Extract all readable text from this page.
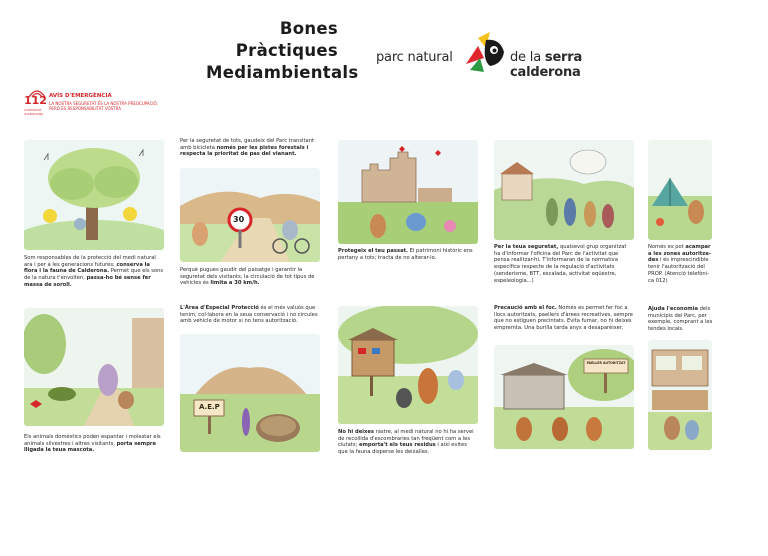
Bones
Pràctiques
Mediambientals
parc natural	de la serra calderona
112
COMUNITAT VALENCIANA
AVÍS D'EMERGÈNCIA
LA NOSTRA SEGURETAT ÉS LA NOSTRA PREOCUPACIÓ,
PERÒ ÉS RESPONSABILITAT VOSTRA
Som responsables de la protecció del medi natural ara i per a les generacions futures: conserva la flora i la fauna de Calderona. Permet que els sons de la natura t'envolten, passa-ho bé sense fer massa de soroll.
Per la seguretat de tots, gaudeix del Parc transitant amb bicicleta només per les pistes forestals i respecta la prioritat de pas del vianant.
30
Perquè pugues gaudir del paisatge i garantir la seguretat dels visitants, la circulació de tot tipus de vehicles és limita a 30 km/h.
Protegeix el teu passat. El patrimoni històric ens pertany a tots; tracta de no alterar-lo.
Per la teua seguretat, qualsevol grup organitzat ha d'informar l'oficina del Parc de l'activitat que pensa realitzar-hi. T'informaran de la normativa específica respecte de la regulació d'activitats (senderisme, BTT, escalada, activitat eqüestre, espeleologia...)
Només es pot acampar a les zones autoritza-des i és imprescindible tenir l'autorització del PROP. (Atenció telefòni-ca 012)
Els animals domèstics poden espantar i molestar els animals silvestres i altres visitants, porta sempre lligada la teua mascota.
L'Àrea d'Especial Protecció és el més valuós que tenim, col·labora en la seua conservació i no circules amb vehicle de motor si no tens autorització.
A.E.P
No hi deixes rastre, al medi natural no hi ha servei de recollida d'escombraries tan freqüent com a les ciutats; emporta't els teus residus i així evites que la fauna disperse les deixalles.
Precaució amb el foc. Només es permet fer foc a llocs autoritzats, paellers d'àrees recreatives, sempre que no estiguen precintats. Evita fumar, no hi deixes empremta. Una burilla tarda anys a desaparèixer.
PAELLER AUTORITZAT
Ajuda l'economia dels municipis del Parc, per exemple, comprant a les tendes locals.
